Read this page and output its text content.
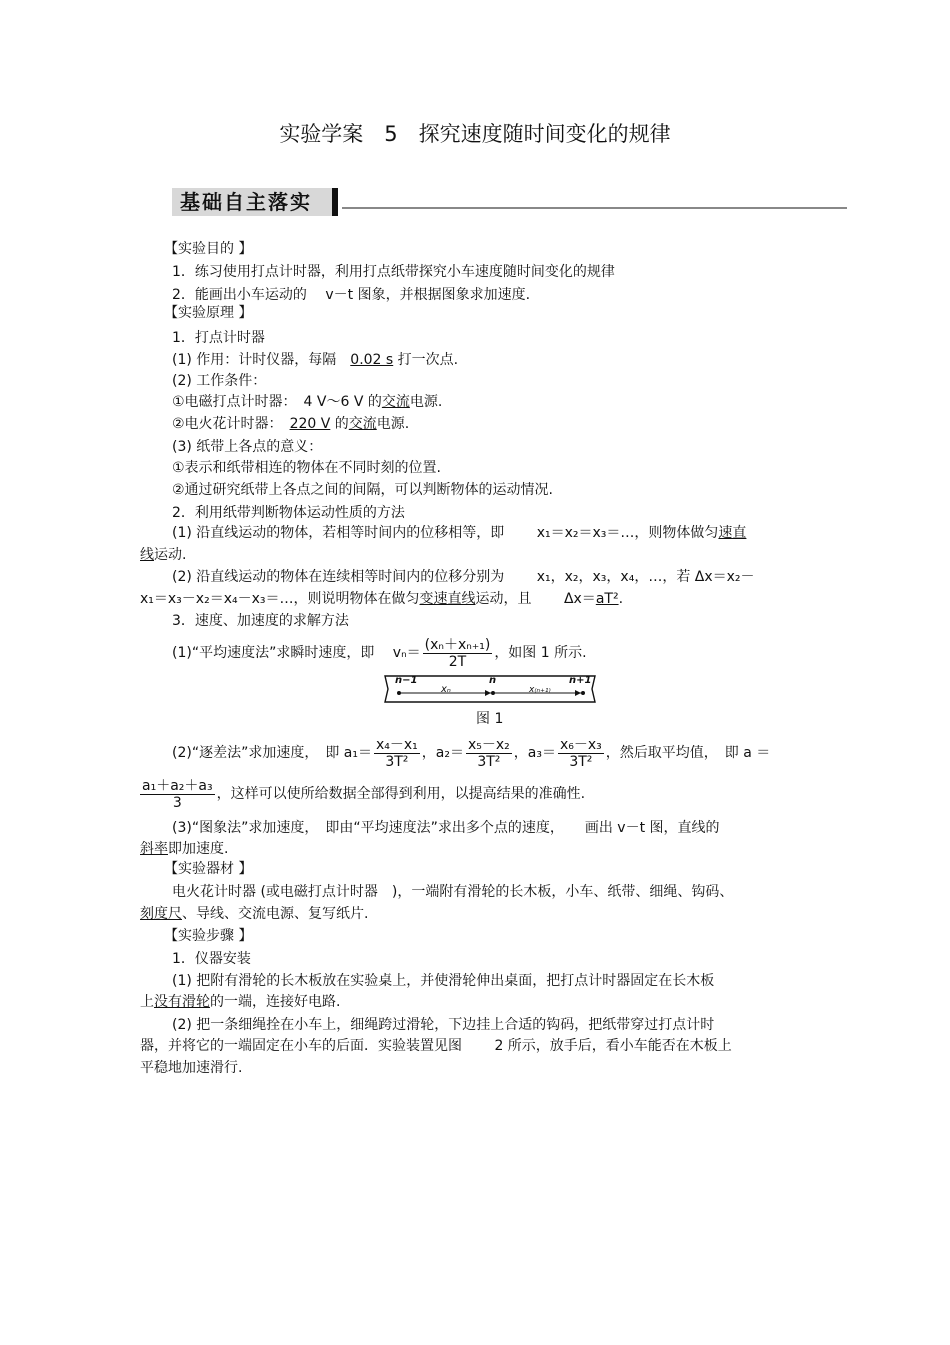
实验学案　5　探究速度随时间变化的规律
基础自主落实
【实验目的 】
1．练习使用打点计时器，利用打点纸带探究小车速度随时间变化的规律
2．能画出小车运动的　 v－t 图象，并根据图象求加速度.
【实验原理 】
1．打点计时器
(1) 作用：计时仪器，每隔　0.02 s 打一次点.
(2) 工作条件：
①电磁打点计时器：　4 V～6 V 的交流电源.
②电火花计时器：　220 V 的交流电源.
(3) 纸带上各点的意义：
①表示和纸带相连的物体在不同时刻的位置.
②通过研究纸带上各点之间的间隔，可以判断物体的运动情况.
2．利用纸带判断物体运动性质的方法
(1) 沿直线运动的物体，若相等时间内的位移相等，即　　 x₁＝x₂＝x₃＝…，则物体做匀速直
线运动.
(2) 沿直线运动的物体在连续相等时间内的位移分别为　　 x₁，x₂，x₃，x₄，…，若 Δx＝x₂－
x₁＝x₃－x₂＝x₄－x₃＝…，则说明物体在做匀变速直线运动，且　　 Δx＝aT².
3．速度、加速度的求解方法
(1)“平均速度法”求瞬时速度，即　 $v_n= \frac{\text{(xₙ＋xₙ₊₁)}}{2T}$ ，如图 1 所示.
n−1
xₙ
n
x₍ₙ₊₁₎
n+1
图 1
(2)“逐差法”求加速度，　即 $a_1= \frac{\text{x₄－x₁}}{\text{3T²}}$ ，$a_2= \frac{\text{x₅－x₂}}{\text{3T²}}$ ，$a_3= \frac{\text{x₆－x₃}}{\text{3T²}}$ ，然后取平均值，　即 a ＝
$\frac{\text{a₁＋a₂＋a₃}}{3}$ ，这样可以使所给数据全部得到利用，以提高结果的准确性.
(3)“图象法”求加速度，　即由“平均速度法”求出多个点的速度，　　画出 v－t 图，直线的
斜率即加速度.
【实验器材 】
电火花计时器 (或电磁打点计时器　)，一端附有滑轮的长木板，小车、纸带、细绳、钩码、
刻度尺、导线、交流电源、复写纸片.
【实验步骤 】
1．仪器安装
(1) 把附有滑轮的长木板放在实验桌上，并使滑轮伸出桌面，把打点计时器固定在长木板
上没有滑轮的一端，连接好电路.
(2) 把一条细绳拴在小车上，细绳跨过滑轮，下边挂上合适的钩码，把纸带穿过打点计时
器，并将它的一端固定在小车的后面．实验装置见图　　 2 所示，放手后，看小车能否在木板上
平稳地加速滑行.
